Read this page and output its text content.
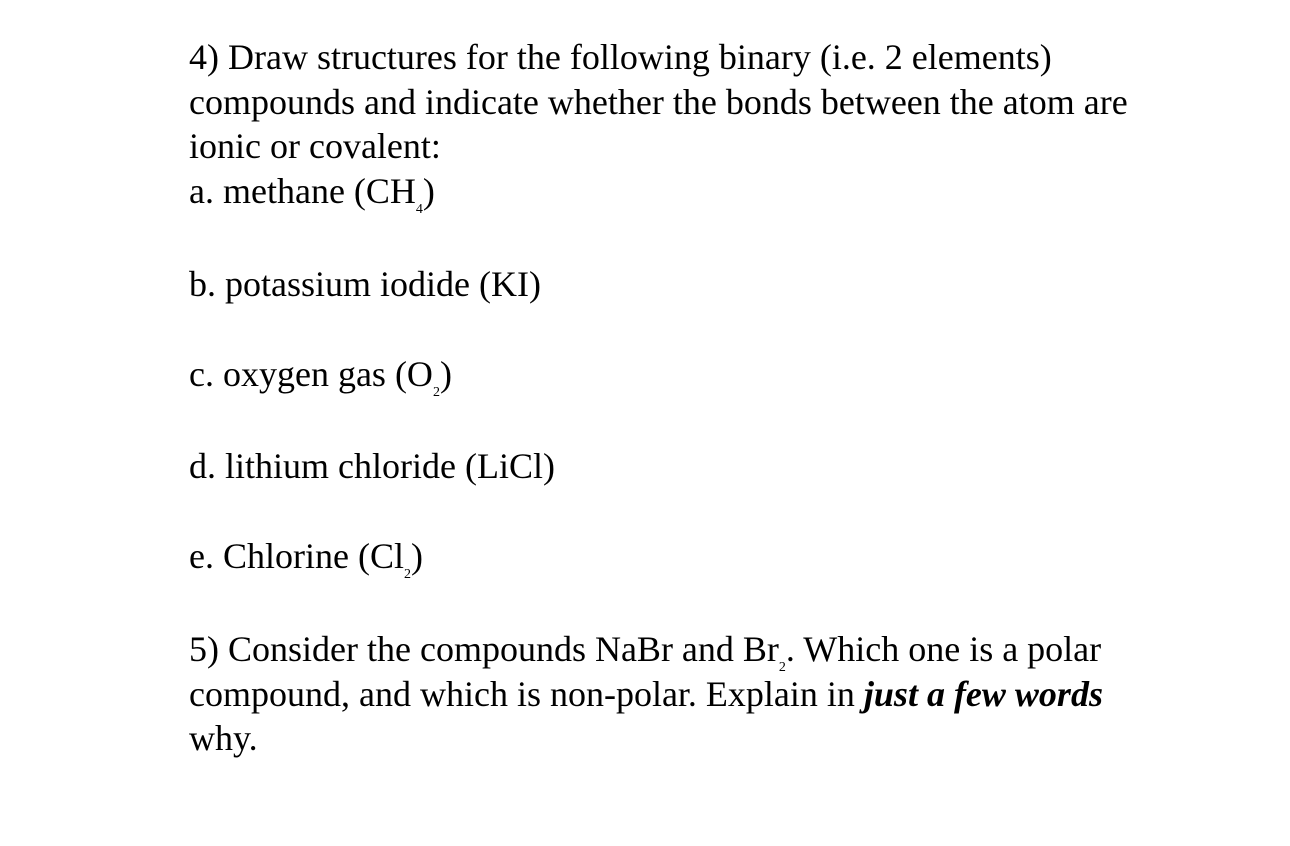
4) Draw structures for the following binary (i.e. 2 elements) compounds and indicate whether the bonds between the atom are ionic or covalent:

a. methane $(CH_4)$

b. potassium iodide (KI)

c. oxygen gas $(O_2)$

d. lithium chloride (LiCl)

e. Chlorine $(Cl_2)$

5) Consider the compounds NaBr and $Br_2$. Which one is a polar compound, and which is non-polar. Explain in just a few words why.
